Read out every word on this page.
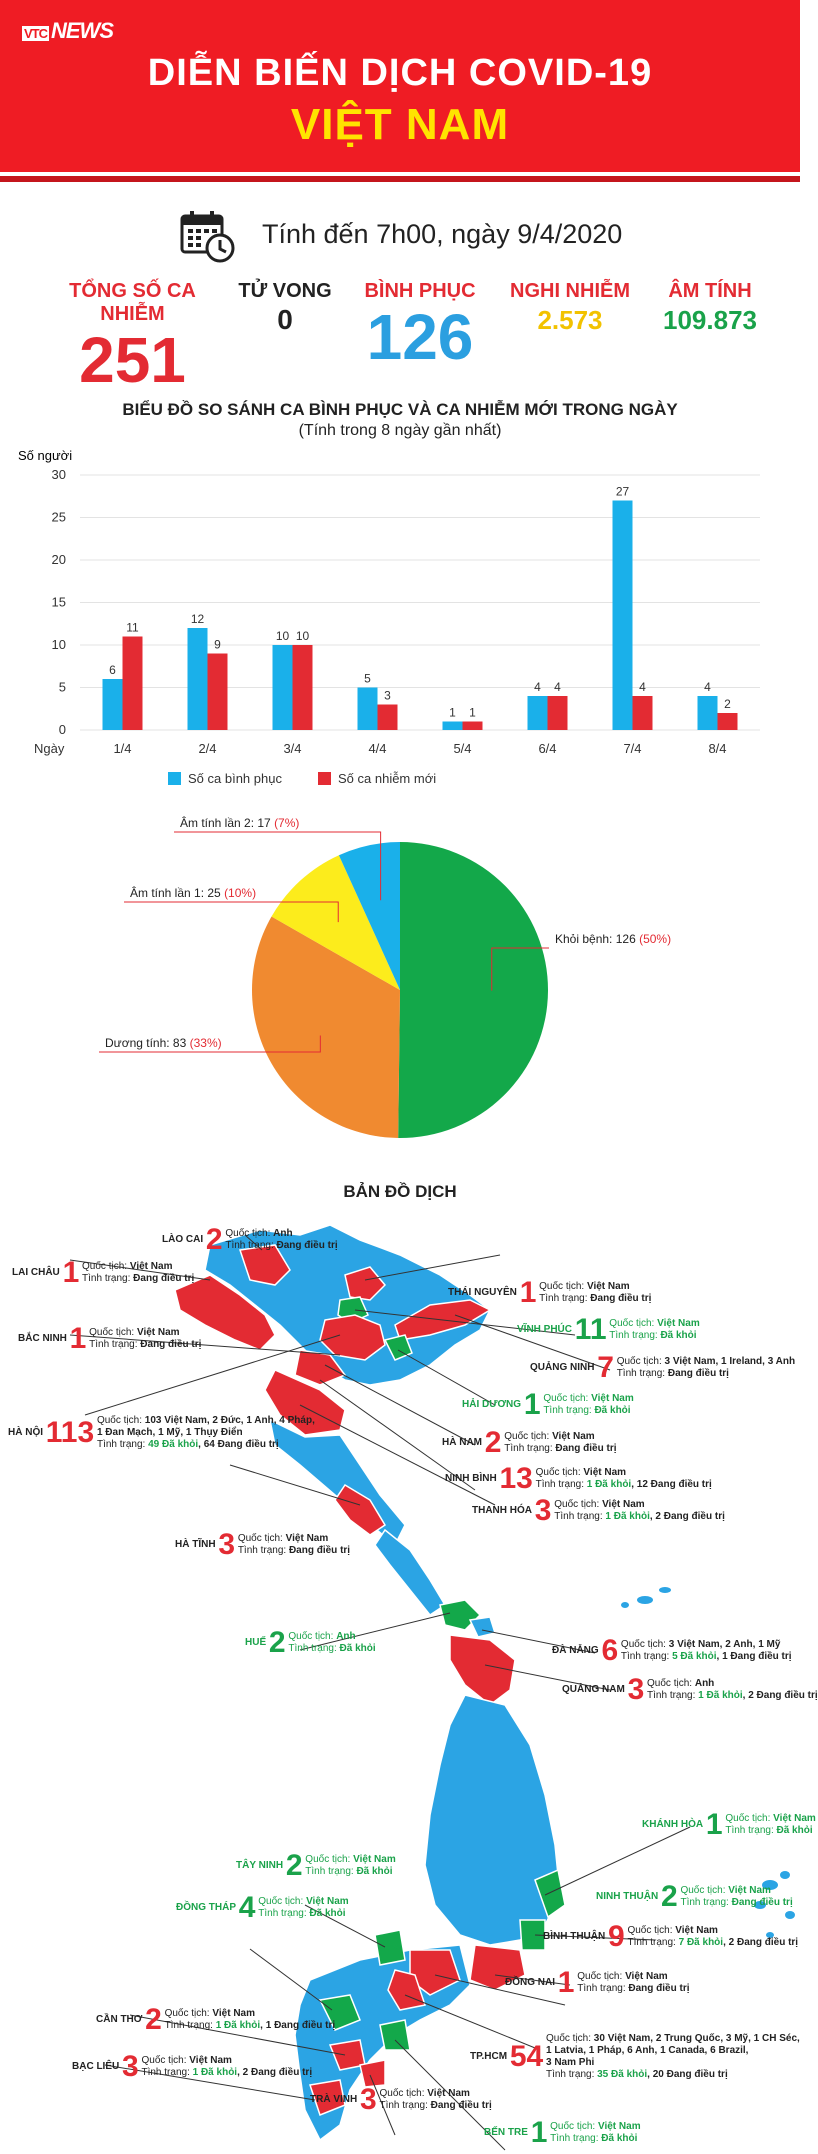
VTC NEWS
DIỄN BIẾN DỊCH COVID-19
VIỆT NAM
Tính đến 7h00, ngày 9/4/2020
TỔNG SỐ CA NHIỄM
251
TỬ VONG
0
BÌNH PHỤC
126
NGHI NHIỄM
2.573
ÂM TÍNH
109.873
BIỂU ĐỒ SO SÁNH CA BÌNH PHỤC VÀ CA NHIỄM MỚI TRONG NGÀY
(Tính trong 8 ngày gần nhất)
Số người
0
5
10
15
20
25
30
Ngày	1/4
6
11
2/4
12
9
3/4
10 10
4/4
5
3
5/4
1 1
6/4
4 4
7/4
27
4
8/4
4
2
Số ca bình phục	Số ca nhiễm mới
Khỏi bệnh: 126 (50%)
Dương tính: 83 (33%)
Âm tính lần 1: 25 (10%)
Âm tính lần 2: 17 (7%)
BẢN ĐỒ DỊCH
LÀO CAI 2 Quốc tịch: Anh
Tình trạng: Đang điều trị
LAI CHÂU 1 Quốc tịch: Việt Nam
Tình trạng: Đang điều trị
BẮC NINH 1 Quốc tịch: Việt Nam
Tình trạng: Đang điều trị
HÀ NỘI 113 Quốc tịch: 103 Việt Nam, 2 Đức, 1 Anh, 4 Pháp,
1 Đan Mạch, 1 Mỹ, 1 Thụy Điển
Tình trạng: 49 Đã khỏi, 64 Đang điều trị
HÀ TĨNH 3 Quốc tịch: Việt Nam
Tình trạng: Đang điều trị
THÁI NGUYÊN 1 Quốc tịch: Việt Nam
Tình trạng: Đang điều trị
VĨNH PHÚC 11 Quốc tịch: Việt Nam
Tình trạng: Đã khỏi
QUẢNG NINH 7 Quốc tịch: 3 Việt Nam, 1 Ireland, 3 Anh
Tình trạng: Đang điều trị
HẢI DƯƠNG 1 Quốc tịch: Việt Nam
Tình trạng: Đã khỏi
HÀ NAM 2 Quốc tịch: Việt Nam
Tình trạng: Đang điều trị
NINH BÌNH 13 Quốc tịch: Việt Nam
Tình trạng: 1 Đã khỏi, 12 Đang điều trị
THANH HÓA 3 Quốc tịch: Việt Nam
Tình trạng: 1 Đã khỏi, 2 Đang điều trị
HUẾ 2 Quốc tịch: Anh
Tình trạng: Đã khỏi	ĐÀ NẴNG 6 Quốc tịch: 3 Việt Nam, 2 Anh, 1 Mỹ
Tình trạng: 5 Đã khỏi, 1 Đang điều trị
QUẢNG NAM 3 Quốc tịch: Anh
Tình trạng: 1 Đã khỏi, 2 Đang điều trị
KHÁNH HÒA 1 Quốc tịch: Việt Nam
Tình trạng: Đã khỏi
TÂY NINH 2 Quốc tịch: Việt Nam
Tình trạng: Đã khỏi
ĐỒNG THÁP 4 Quốc tịch: Việt Nam
Tình trạng: Đã khỏi
NINH THUẬN 2 Quốc tịch: Việt Nam
Tình trạng: Đang điều trị
BÌNH THUẬN 9 Quốc tịch: Việt Nam
Tình trạng: 7 Đã khỏi, 2 Đang điều trị
ĐỒNG NAI 1 Quốc tịch: Việt Nam
Tình trạng: Đang điều trị
CẦN THƠ 2 Quốc tịch: Việt Nam
Tình trạng: 1 Đã khỏi, 1 Đang điều trị
TP.HCM 54 Quốc tịch: 30 Việt Nam, 2 Trung Quốc, 3 Mỹ, 1 CH Séc,
1 Latvia, 1 Pháp, 6 Anh, 1 Canada, 6 Brazil,
3 Nam Phi
Tình trạng: 35 Đã khỏi, 20 Đang điều trị
BẠC LIÊU 3 Quốc tịch: Việt Nam
Tình trạng: 1 Đã khỏi, 2 Đang điều trị
TRÀ VINH 3 Quốc tịch: Việt Nam
Tình trạng: Đang điều trị
BẾN TRE 1 Quốc tịch: Việt Nam
Tình trạng: Đã khỏi
